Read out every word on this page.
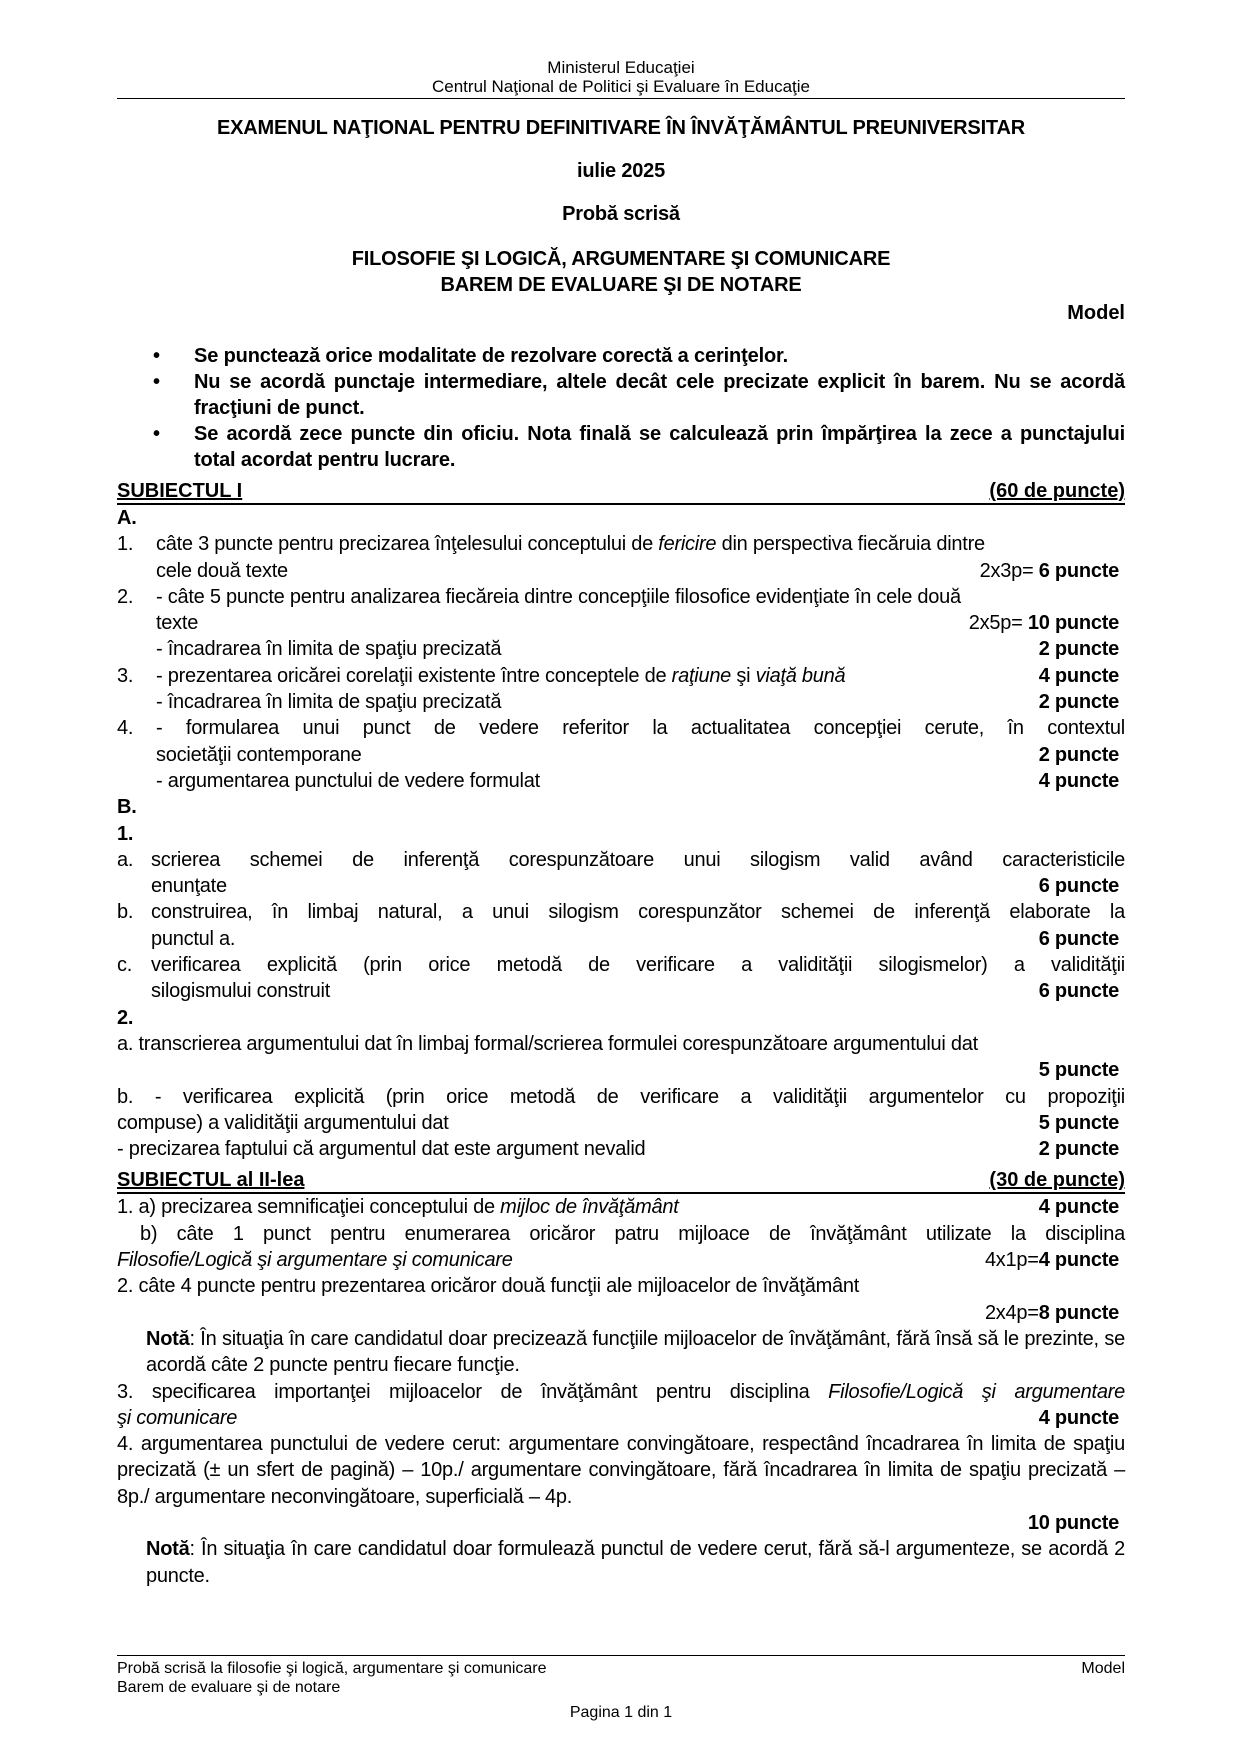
Ministerul Educaţiei
Centrul Naţional de Politici şi Evaluare în Educaţie
EXAMENUL NAŢIONAL PENTRU DEFINITIVARE ÎN ÎNVĂŢĂMÂNTUL PREUNIVERSITAR
iulie 2025
Probă scrisă
FILOSOFIE ŞI LOGICĂ, ARGUMENTARE ŞI COMUNICARE
BAREM DE EVALUARE ŞI DE NOTARE
Model
• Se punctează orice modalitate de rezolvare corectă a cerinţelor.
• Nu se acordă punctaje intermediare, altele decât cele precizate explicit în barem. Nu se acordă fracţiuni de punct.
• Se acordă zece puncte din oficiu. Nota finală se calculează prin împărţirea la zece a punctajului total acordat pentru lucrare.
SUBIECTUL I	(60 de puncte)
A.
1.	câte 3 puncte pentru precizarea înţelesului conceptului de fericire din perspectiva fiecăruia dintre
cele două texte	2x3p= 6 puncte
2.	- câte 5 puncte pentru analizarea fiecăreia dintre concepţiile filosofice evidenţiate în cele două
texte	2x5p= 10 puncte
- încadrarea în limita de spaţiu precizată	2 puncte
3.	- prezentarea oricărei corelaţii existente între conceptele de raţiune şi viaţă bună	4 puncte
- încadrarea în limita de spaţiu precizată	2 puncte
4.	- formularea unui punct de vedere referitor la actualitatea concepţiei cerute, în contextul
societăţii contemporane	2 puncte
- argumentarea punctului de vedere formulat	4 puncte
B.
1.
a. scrierea schemei de inferenţă corespunzătoare unui silogism valid având caracteristicile
enunţate	6 puncte
b. construirea, în limbaj natural, a unui silogism corespunzător schemei de inferenţă elaborate la
punctul a.	6 puncte
c. verificarea explicită (prin orice metodă de verificare a validităţii silogismelor) a validităţii
silogismului construit	6 puncte
2.
a. transcrierea argumentului dat în limbaj formal/scrierea formulei corespunzătoare argumentului dat
5 puncte
b. - verificarea explicită (prin orice metodă de verificare a validităţii argumentelor cu propoziţii
compuse) a validităţii argumentului dat	5 puncte
- precizarea faptului că argumentul dat este argument nevalid	2 puncte
SUBIECTUL al II-lea	(30 de puncte)
1. a) precizarea semnificaţiei conceptului de mijloc de învăţământ	4 puncte
b) câte 1 punct pentru enumerarea oricăror patru mijloace de învăţământ utilizate la disciplina
Filosofie/Logică şi argumentare şi comunicare	4x1p=4 puncte
2. câte 4 puncte pentru prezentarea oricăror două funcţii ale mijloacelor de învăţământ
2x4p=8 puncte
Notă: În situaţia în care candidatul doar precizează funcţiile mijloacelor de învăţământ, fără însă să le prezinte, se acordă câte 2 puncte pentru fiecare funcţie.
3. specificarea importanţei mijloacelor de învăţământ pentru disciplina Filosofie/Logică şi argumentare
şi comunicare	4 puncte
4. argumentarea punctului de vedere cerut: argumentare convingătoare, respectând încadrarea în limita de spaţiu precizată (± un sfert de pagină) – 10p./ argumentare convingătoare, fără încadrarea în limita de spaţiu precizată – 8p./ argumentare neconvingătoare, superficială – 4p.
10 puncte
Notă: În situaţia în care candidatul doar formulează punctul de vedere cerut, fără să-l argumenteze, se acordă 2 puncte.
Probă scrisă la filosofie şi logică, argumentare şi comunicare	Model
Barem de evaluare şi de notare
Pagina 1 din 1
